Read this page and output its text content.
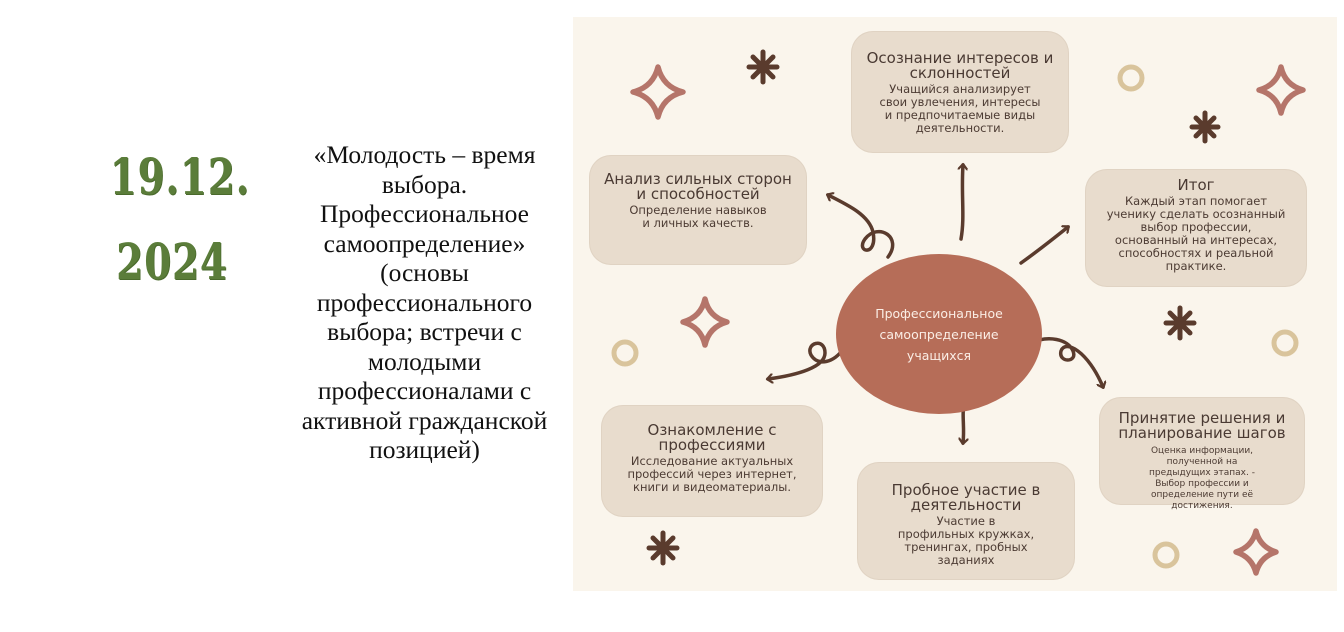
19.12.
2024
«Молодость – время выбора. Профессиональное самоопределение» (основы профессионального выбора; встречи с молодыми профессионалами с активной гражданской позицией)
Осознание интересов и склонностей
Учащийся анализирует свои увлечения, интересы и предпочитаемые виды деятельности.
Анализ сильных сторон и способностей
Определение навыков и личных качеств.
Итог
Каждый этап помогает ученику сделать осознанный выбор профессии, основанный на интересах, способностях и реальной практике.
Ознакомление с профессиями
Исследование актуальных профессий через интернет, книги и видеоматериалы.	Пробное участие в деятельности
Участие в профильных кружках, тренингах, пробных заданиях
Принятие решения и планирование шагов
Оценка информации, полученной на предыдущих этапах. - Выбор профессии и определение пути её достижения.
Профессиональное самоопределение учащихся
